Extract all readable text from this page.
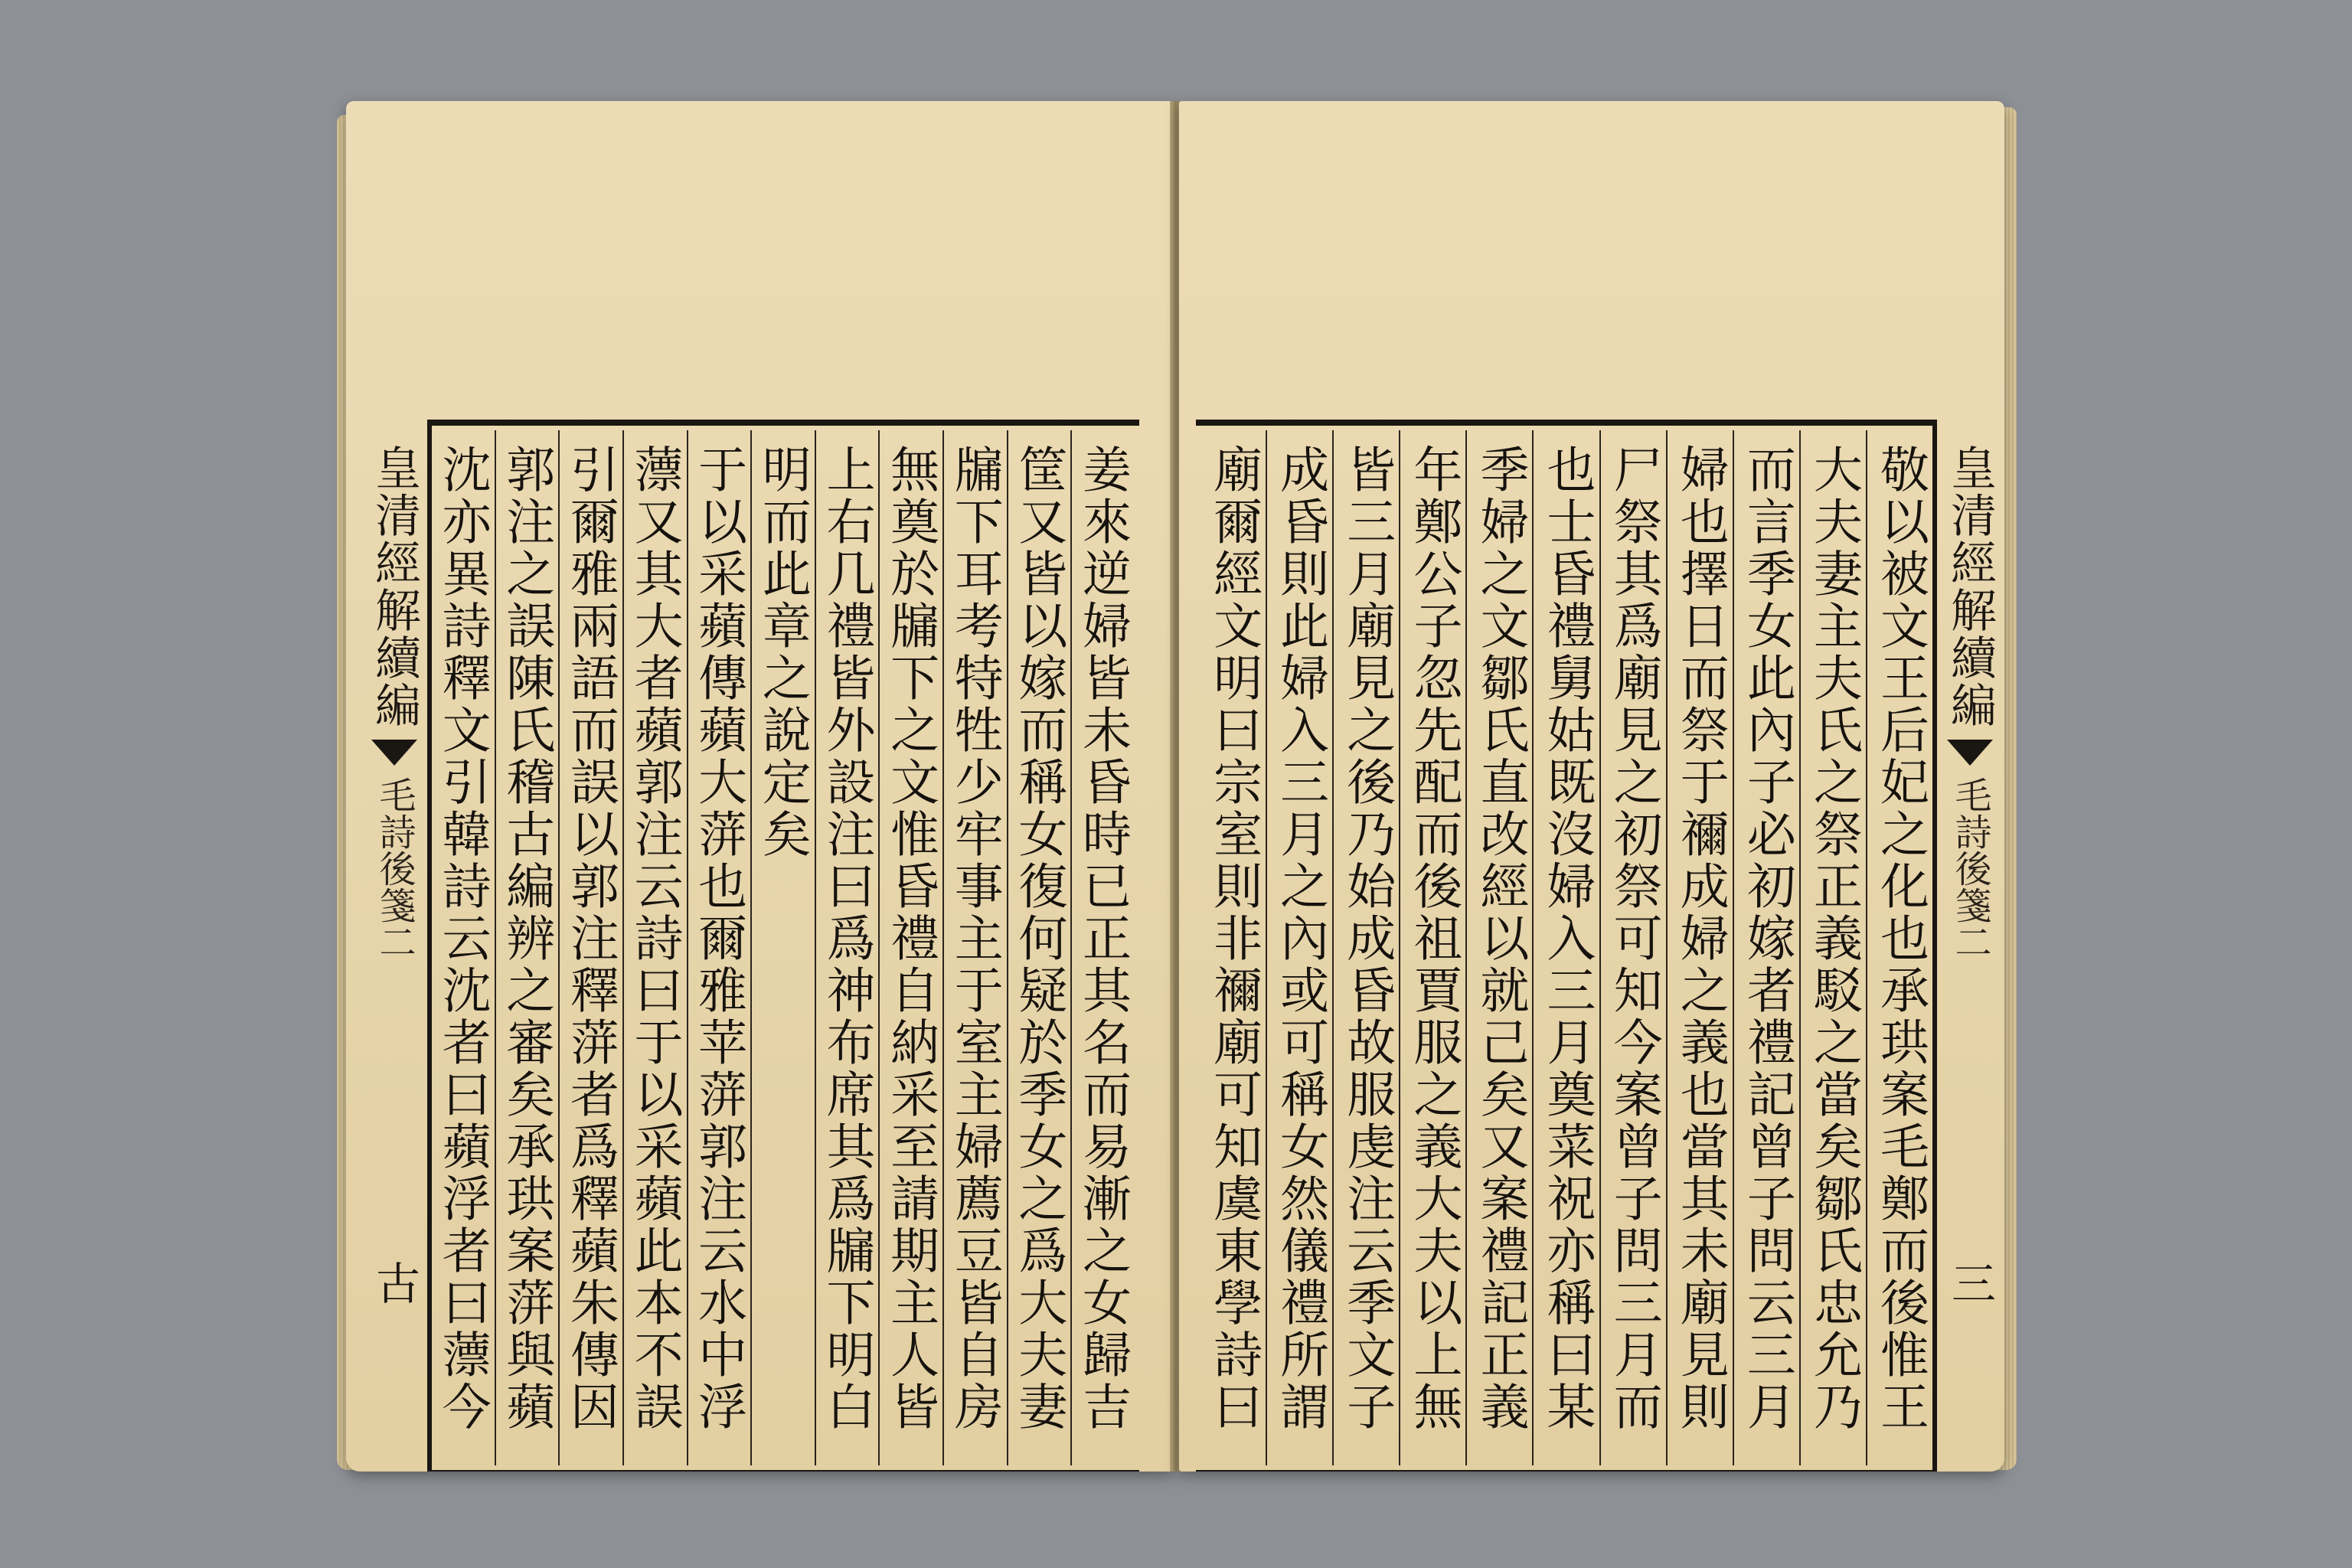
姜來逆婦皆未昏時已正其名而易漸之女歸吉
筐又皆以嫁而稱女復何疑於季女之爲大夫妻
牖下耳考特牲少牢事主于室主婦薦豆皆自房
無奠於牖下之文惟昏禮自納采至請期主人皆
上右几禮皆外設注曰爲神布席其爲牖下明白
明而此章之說定矣
于以采蘋傳蘋大蓱也爾雅苹蓱郭注云水中浮
薸又其大者蘋郭注云詩曰于以采蘋此本不誤
引爾雅兩語而誤以郭注釋蓱者爲釋蘋朱傳因
郭注之誤陳氏稽古編辨之審矣承珙案蓱與蘋
沈亦異詩釋文引韓詩云沈者曰蘋浮者曰薸今
皇清經解續編
毛詩後箋二
古
敬以被文王后妃之化也承珙案毛鄭而後惟王
大夫妻主夫氏之祭正義駁之當矣鄒氏忠允乃
而言季女此內子必初嫁者禮記曾子問云三月
婦也擇日而祭于禰成婦之義也當其未廟見則
尸祭其爲廟見之初祭可知今案曾子問三月而
也士昏禮舅姑既沒婦入三月奠菜祝亦稱曰某
季婦之文鄒氏直改經以就己矣又案禮記正義
年鄭公子忽先配而後祖賈服之義大夫以上無
皆三月廟見之後乃始成昏故服虔注云季文子
成昏則此婦入三月之內或可稱女然儀禮所謂
廟爾經文明曰宗室則非禰廟可知虞東學詩曰
皇清經解續編
毛詩後箋二
三
